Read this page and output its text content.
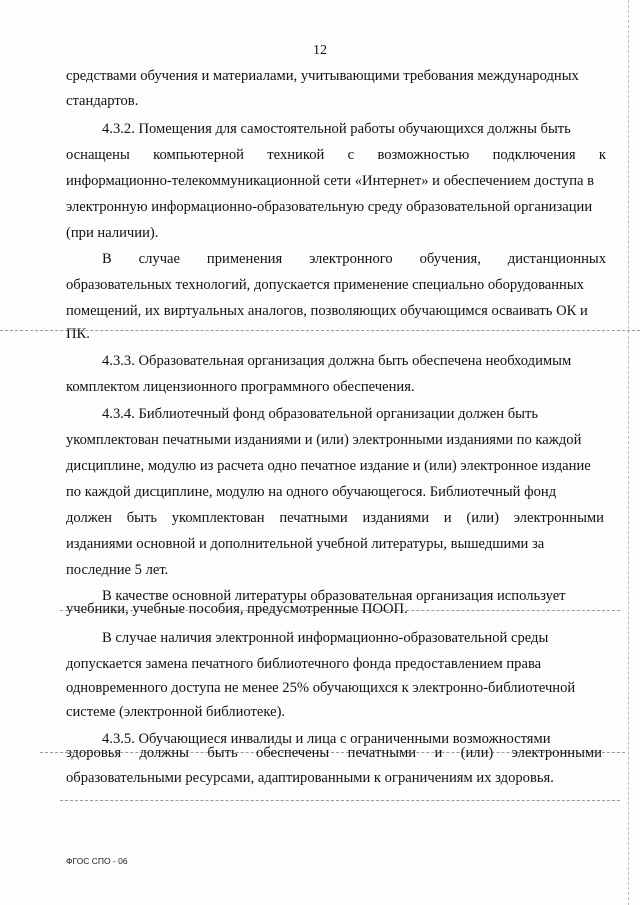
12
средствами обучения и материалами, учитывающими требования международных
стандартов.
4.3.2. Помещения для самостоятельной работы обучающихся должны быть
оснащены компьютерной техникой с возможностью подключения к
информационно-телекоммуникационной сети «Интернет» и обеспечением доступа в
электронную информационно-образовательную среду образовательной организации
(при наличии).
В случае применения электронного обучения, дистанционных
образовательных технологий, допускается применение специально оборудованных
помещений, их виртуальных аналогов, позволяющих обучающимся осваивать ОК и
ПК.
4.3.3. Образовательная организация должна быть обеспечена необходимым
комплектом лицензионного программного обеспечения.
4.3.4. Библиотечный фонд образовательной организации должен быть
укомплектован печатными изданиями и (или) электронными изданиями по каждой
дисциплине, модулю из расчета одно печатное издание и (или) электронное издание
по каждой дисциплине, модулю на одного обучающегося. Библиотечный фонд
должен быть укомплектован печатными изданиями и (или) электронными
изданиями основной и дополнительной учебной литературы, вышедшими за
последние 5 лет.
В качестве основной литературы образовательная организация использует
учебники, учебные пособия, предусмотренные ПООП.
В случае наличия электронной информационно-образовательной среды
допускается замена печатного библиотечного фонда предоставлением права
одновременного доступа не менее 25% обучающихся к электронно-библиотечной
системе (электронной библиотеке).
4.3.5. Обучающиеся инвалиды и лица с ограниченными возможностями
здоровья должны быть обеспечены печатными и (или) электронными
образовательными ресурсами, адаптированными к ограничениям их здоровья.
ФГОС СПО - 06
